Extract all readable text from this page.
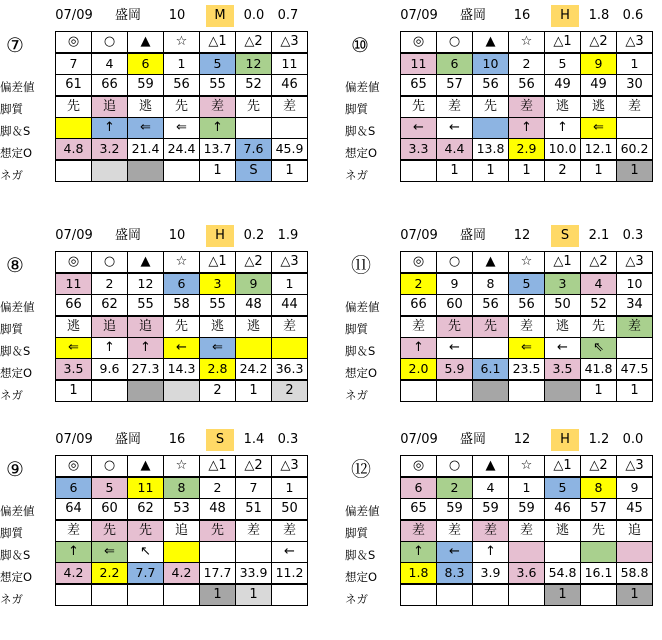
07/09	盛岡	10	M	0.0	0.7
⑦
偏差値
脚質
脚＆S
想定O
ネガ
◎	○	▲	☆	△1	△2	△3
7	4	6	1	5	12	11
61	66	59	56	55	52	46
先	追	逃	先	差	先	差
	↑	⇐	⇐	↑		
4.8	3.2	21.4	24.4	13.7	7.6	45.9
				1	S	1
07/09	盛岡	16	H	1.8	0.6
⑩
偏差値
脚質
脚＆S
想定O
ネガ
◎	○	▲	☆	△1	△2	△3
11	6	10	2	5	9	1
65	57	56	56	49	49	30
先	差	先	差	逃	逃	差
←	←		↑	↑	⇐	
3.3	4.4	13.8	2.9	10.0	12.1	60.2
	1	1	1	2	1	1
07/09	盛岡	10	H	0.2	1.9
⑧
偏差値
脚質
脚＆S
想定O
ネガ
◎	○	▲	☆	△1	△2	△3
11	2	12	6	3	9	1
66	62	55	58	55	48	44
逃	追	追	先	逃	逃	差
⇐	↑	↑	←	⇐		
3.5	9.6	27.3	14.3	2.8	24.2	36.3
1				2	1	2
07/09	盛岡	12	S	2.1	0.3
⑪
偏差値
脚質
脚＆S
想定O
ネガ
◎	○	▲	☆	△1	△2	△3
2	9	8	5	3	4	10
66	60	56	56	50	52	34
差	先	先	差	逃	先	差
↑	←		⇐	←	⇖	
2.0	5.9	6.1	23.5	3.5	41.8	47.5
					1	1
07/09	盛岡	16	S	1.4	0.3
⑨
偏差値
脚質
脚＆S
想定O
ネガ
◎	○	▲	☆	△1	△2	△3
6	5	11	8	2	7	1
64	60	62	53	48	51	50
差	先	先	追	先	差	差
↑	⇐	↖				←
4.2	2.2	7.7	4.2	17.7	33.9	11.2
				1	1	
07/09	盛岡	12	H	1.2	0.0
⑫
偏差値
脚質
脚＆S
想定O
ネガ
◎	○	▲	☆	△1	△2	△3
6	2	4	1	5	8	9
65	59	59	59	46	57	45
差	差	差	差	逃	先	追
↑	←	↑				
1.8	8.3	3.9	3.6	54.8	16.1	58.8
				1		1
